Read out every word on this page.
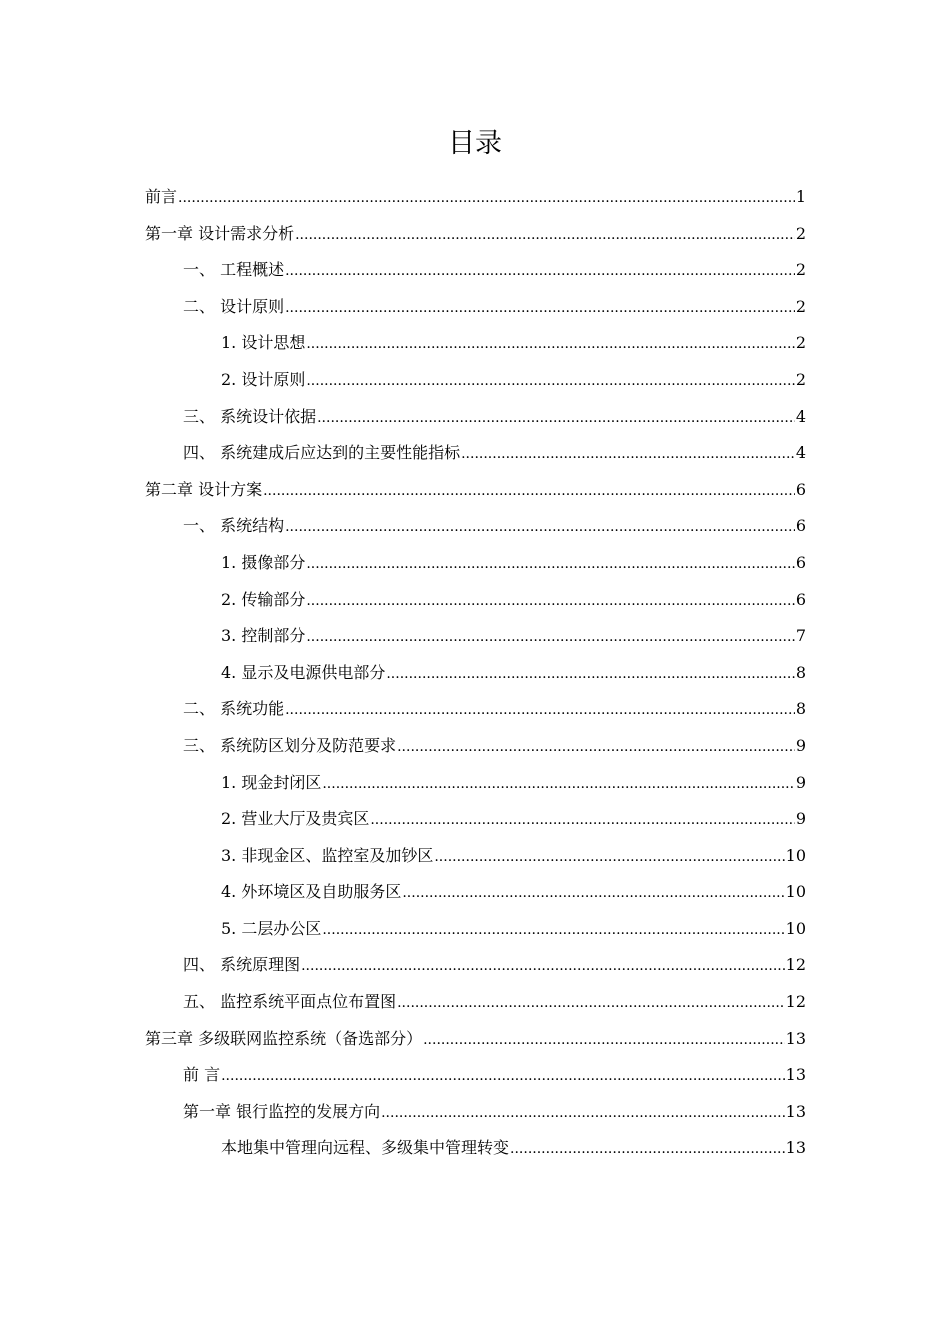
目录
前言 .....	1
第一章 设计需求分析 .....	2
一、 工程概述 .....	2
二、 设计原则 .....	2
1. 设计思想 .....	2
2. 设计原则 .....	2
三、 系统设计依据 .....	4
四、 系统建成后应达到的主要性能指标 .....	4
第二章 设计方案 .....	6
一、 系统结构 .....	6
1. 摄像部分 .....	6
2. 传输部分 .....	6
3. 控制部分 .....	7
4. 显示及电源供电部分 .....	8
二、 系统功能 .....	8
三、 系统防区划分及防范要求 .....	9
1. 现金封闭区 .....	9
2. 营业大厅及贵宾区 .....	9
3. 非现金区、监控室及加钞区 .....	10
4. 外环境区及自助服务区 .....	10
5. 二层办公区 .....	10
四、 系统原理图 .....	12
五、 监控系统平面点位布置图 .....	12
第三章 多级联网监控系统（备选部分） .....	13
前 言 .....	13
第一章 银行监控的发展方向 .....	13
本地集中管理向远程、多级集中管理转变 .....	13
